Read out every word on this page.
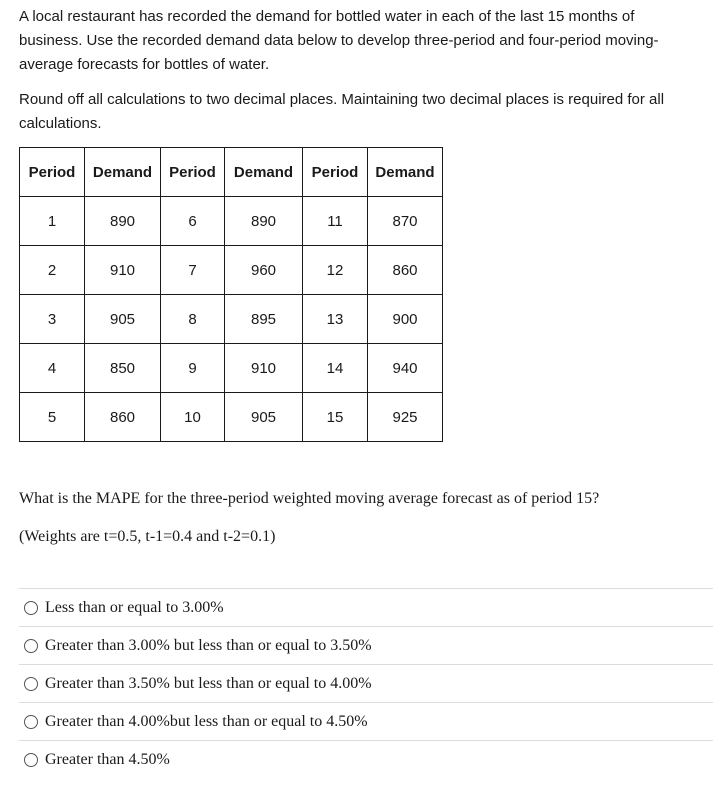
A local restaurant has recorded the demand for bottled water in each of the last 15 months of business. Use the recorded demand data below to develop three-period and four-period moving-average forecasts for bottles of water.

Round off all calculations to two decimal places. Maintaining two decimal places is required for all calculations.

Period	Demand	Period	Demand	Period	Demand
1	890	6	890	11	870
2	910	7	960	12	860
3	905	8	895	13	900
4	850	9	910	14	940
5	860	10	905	15	925

What is the MAPE for the three-period weighted moving average forecast as of period 15?

(Weights are t=0.5, t-1=0.4 and t-2=0.1)

Less than or equal to 3.00%
Greater than 3.00% but less than or equal to 3.50%
Greater than 3.50% but less than or equal to 4.00%
Greater than 4.00%but less than or equal to 4.50%
Greater than 4.50%
